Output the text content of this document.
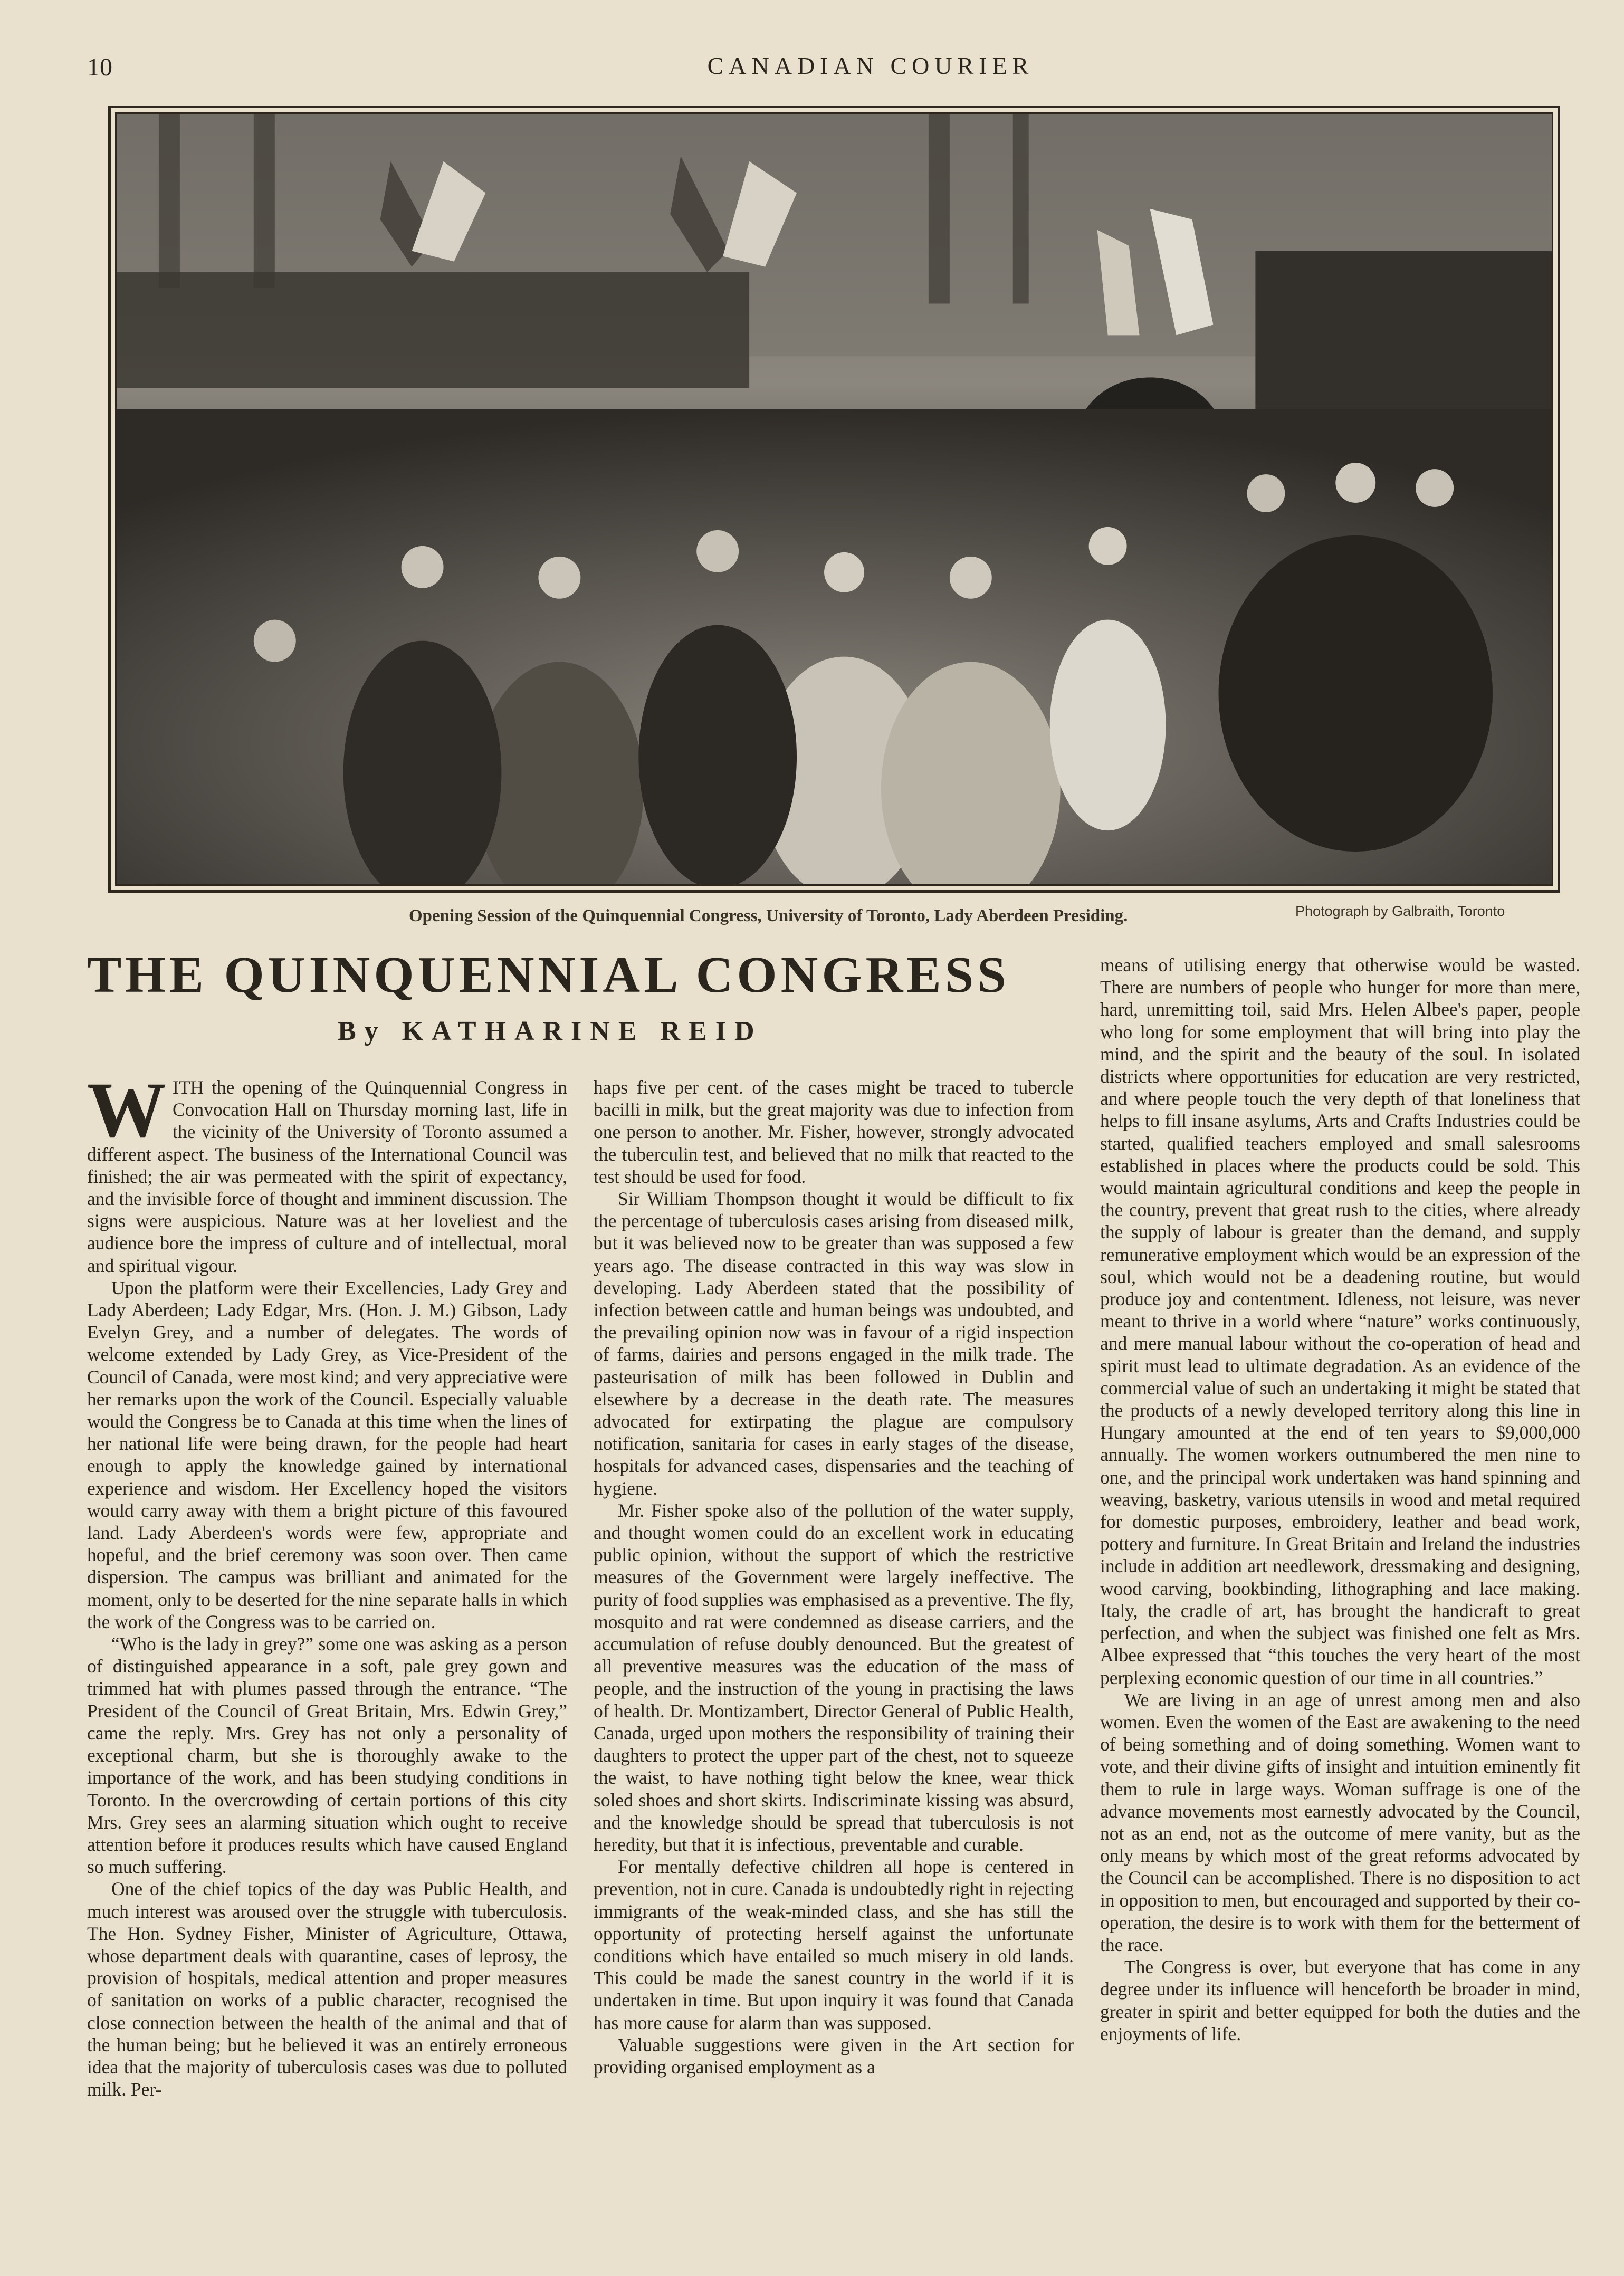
10	CANADIAN COURIER
Opening Session of the Quinquennial Congress, University of Toronto, Lady Aberdeen Presiding.	Photograph by Galbraith, Toronto
THE QUINQUENNIAL CONGRESS
By KATHARINE REID
W ITH the opening of the Quinquennial Congress in Convocation Hall on Thursday morning last, life in the vicinity of the University of Toronto assumed a different aspect. The business of the International Council was finished; the air was permeated with the spirit of expectancy, and the invisible force of thought and imminent discussion. The signs were auspicious. Nature was at her loveliest and the audience bore the impress of culture and of intellectual, moral and spiritual vigour.

Upon the platform were their Excellencies, Lady Grey and Lady Aberdeen; Lady Edgar, Mrs. (Hon. J. M.) Gibson, Lady Evelyn Grey, and a number of delegates. The words of welcome extended by Lady Grey, as Vice-President of the Council of Canada, were most kind; and very appreciative were her remarks upon the work of the Council. Especially valuable would the Congress be to Canada at this time when the lines of her national life were being drawn, for the people had heart enough to apply the knowledge gained by international experience and wisdom. Her Excellency hoped the visitors would carry away with them a bright picture of this favoured land. Lady Aberdeen's words were few, appropriate and hopeful, and the brief ceremony was soon over. Then came dispersion. The campus was brilliant and animated for the moment, only to be deserted for the nine separate halls in which the work of the Congress was to be carried on.

“Who is the lady in grey?” some one was asking as a person of distinguished appearance in a soft, pale grey gown and trimmed hat with plumes passed through the entrance. “The President of the Council of Great Britain, Mrs. Edwin Grey,” came the reply. Mrs. Grey has not only a personality of exceptional charm, but she is thoroughly awake to the importance of the work, and has been studying conditions in Toronto. In the overcrowding of certain portions of this city Mrs. Grey sees an alarming situation which ought to receive attention before it produces results which have caused England so much suffering.

One of the chief topics of the day was Public Health, and much interest was aroused over the struggle with tuberculosis. The Hon. Sydney Fisher, Minister of Agriculture, Ottawa, whose department deals with quarantine, cases of leprosy, the provision of hospitals, medical attention and proper measures of sanitation on works of a public character, recognised the close connection between the health of the animal and that of the human being; but he believed it was an entirely erroneous idea that the majority of tuberculosis cases was due to polluted milk. Per-

haps five per cent. of the cases might be traced to tubercle bacilli in milk, but the great majority was due to infection from one person to another. Mr. Fisher, however, strongly advocated the tuberculin test, and believed that no milk that reacted to the test should be used for food.

Sir William Thompson thought it would be difficult to fix the percentage of tuberculosis cases arising from diseased milk, but it was believed now to be greater than was supposed a few years ago. The disease contracted in this way was slow in developing. Lady Aberdeen stated that the possibility of infection between cattle and human beings was undoubted, and the prevailing opinion now was in favour of a rigid inspection of farms, dairies and persons engaged in the milk trade. The pasteurisation of milk has been followed in Dublin and elsewhere by a decrease in the death rate. The measures advocated for extirpating the plague are compulsory notification, sanitaria for cases in early stages of the disease, hospitals for advanced cases, dispensaries and the teaching of hygiene.

Mr. Fisher spoke also of the pollution of the water supply, and thought women could do an excellent work in educating public opinion, without the support of which the restrictive measures of the Government were largely ineffective. The purity of food supplies was emphasised as a preventive. The fly, mosquito and rat were condemned as disease carriers, and the accumulation of refuse doubly denounced. But the greatest of all preventive measures was the education of the mass of people, and the instruction of the young in practising the laws of health. Dr. Montizambert, Director General of Public Health, Canada, urged upon mothers the responsibility of training their daughters to protect the upper part of the chest, not to squeeze the waist, to have nothing tight below the knee, wear thick soled shoes and short skirts. Indiscriminate kissing was absurd, and the knowledge should be spread that tuberculosis is not heredity, but that it is infectious, preventable and curable.

For mentally defective children all hope is centered in prevention, not in cure. Canada is undoubtedly right in rejecting immigrants of the weak-minded class, and she has still the opportunity of protecting herself against the unfortunate conditions which have entailed so much misery in old lands. This could be made the sanest country in the world if it is undertaken in time. But upon inquiry it was found that Canada has more cause for alarm than was supposed.

Valuable suggestions were given in the Art section for providing organised employment as a

means of utilising energy that otherwise would be wasted. There are numbers of people who hunger for more than mere, hard, unremitting toil, said Mrs. Helen Albee's paper, people who long for some employment that will bring into play the mind, and the spirit and the beauty of the soul. In isolated districts where opportunities for education are very restricted, and where people touch the very depth of that loneliness that helps to fill insane asylums, Arts and Crafts Industries could be started, qualified teachers employed and small salesrooms established in places where the products could be sold. This would maintain agricultural conditions and keep the people in the country, prevent that great rush to the cities, where already the supply of labour is greater than the demand, and supply remunerative employment which would be an expression of the soul, which would not be a deadening routine, but would produce joy and contentment. Idleness, not leisure, was never meant to thrive in a world where “nature” works continuously, and mere manual labour without the co-operation of head and spirit must lead to ultimate degradation. As an evidence of the commercial value of such an undertaking it might be stated that the products of a newly developed territory along this line in Hungary amounted at the end of ten years to $9,000,000 annually. The women workers outnumbered the men nine to one, and the principal work undertaken was hand spinning and weaving, basketry, various utensils in wood and metal required for domestic purposes, embroidery, leather and bead work, pottery and furniture. In Great Britain and Ireland the industries include in addition art needlework, dressmaking and designing, wood carving, bookbinding, lithographing and lace making. Italy, the cradle of art, has brought the handicraft to great perfection, and when the subject was finished one felt as Mrs. Albee expressed that “this touches the very heart of the most perplexing economic question of our time in all countries.”

We are living in an age of unrest among men and also women. Even the women of the East are awakening to the need of being something and of doing something. Women want to vote, and their divine gifts of insight and intuition eminently fit them to rule in large ways. Woman suffrage is one of the advance movements most earnestly advocated by the Council, not as an end, not as the outcome of mere vanity, but as the only means by which most of the great reforms advocated by the Council can be accomplished. There is no disposition to act in opposition to men, but encouraged and supported by their co-operation, the desire is to work with them for the betterment of the race.

The Congress is over, but everyone that has come in any degree under its influence will henceforth be broader in mind, greater in spirit and better equipped for both the duties and the enjoyments of life.
